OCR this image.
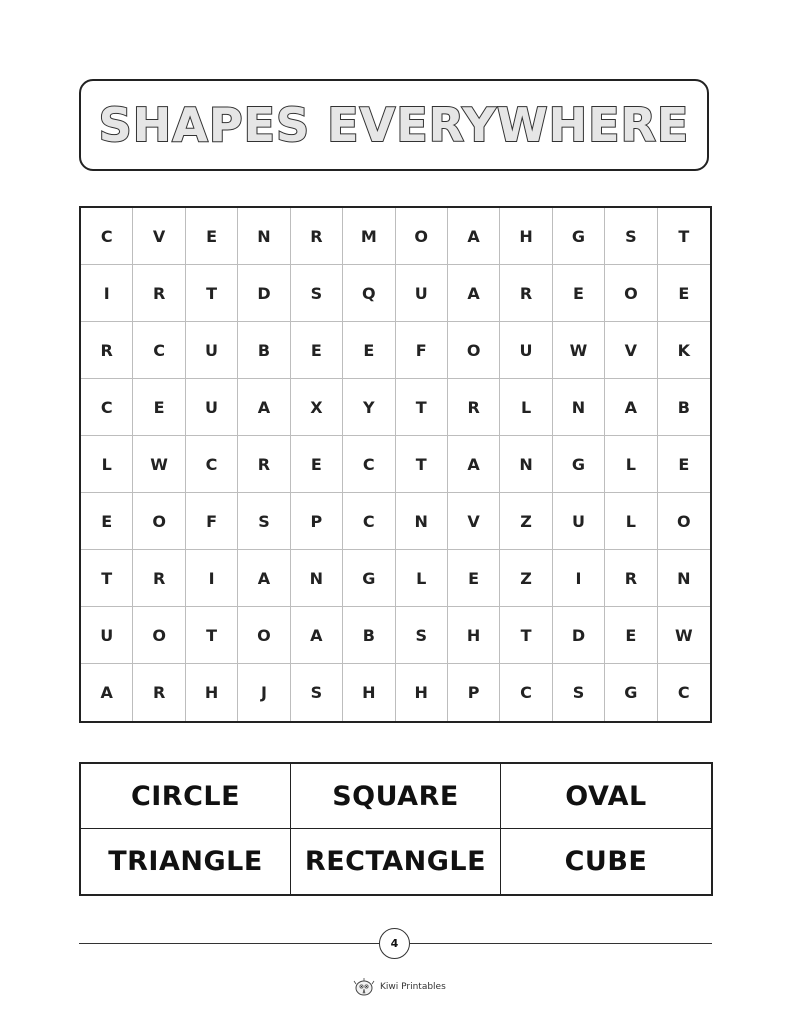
SHAPES EVERYWHERE
C	V	E	N	R	M	O	A	H	G	S	T
I	R	T	D	S	Q	U	A	R	E	O	E
R	C	U	B	E	E	F	O	U	W	V	K
C	E	U	A	X	Y	T	R	L	N	A	B
L	W	C	R	E	C	T	A	N	G	L	E
E	O	F	S	P	C	N	V	Z	U	L	O
T	R	I	A	N	G	L	E	Z	I	R	N
U	O	T	O	A	B	S	H	T	D	E	W
A	R	H	J	S	H	H	P	C	S	G	C
CIRCLE	SQUARE	OVAL
TRIANGLE	RECTANGLE	CUBE
4
Kiwi Printables
